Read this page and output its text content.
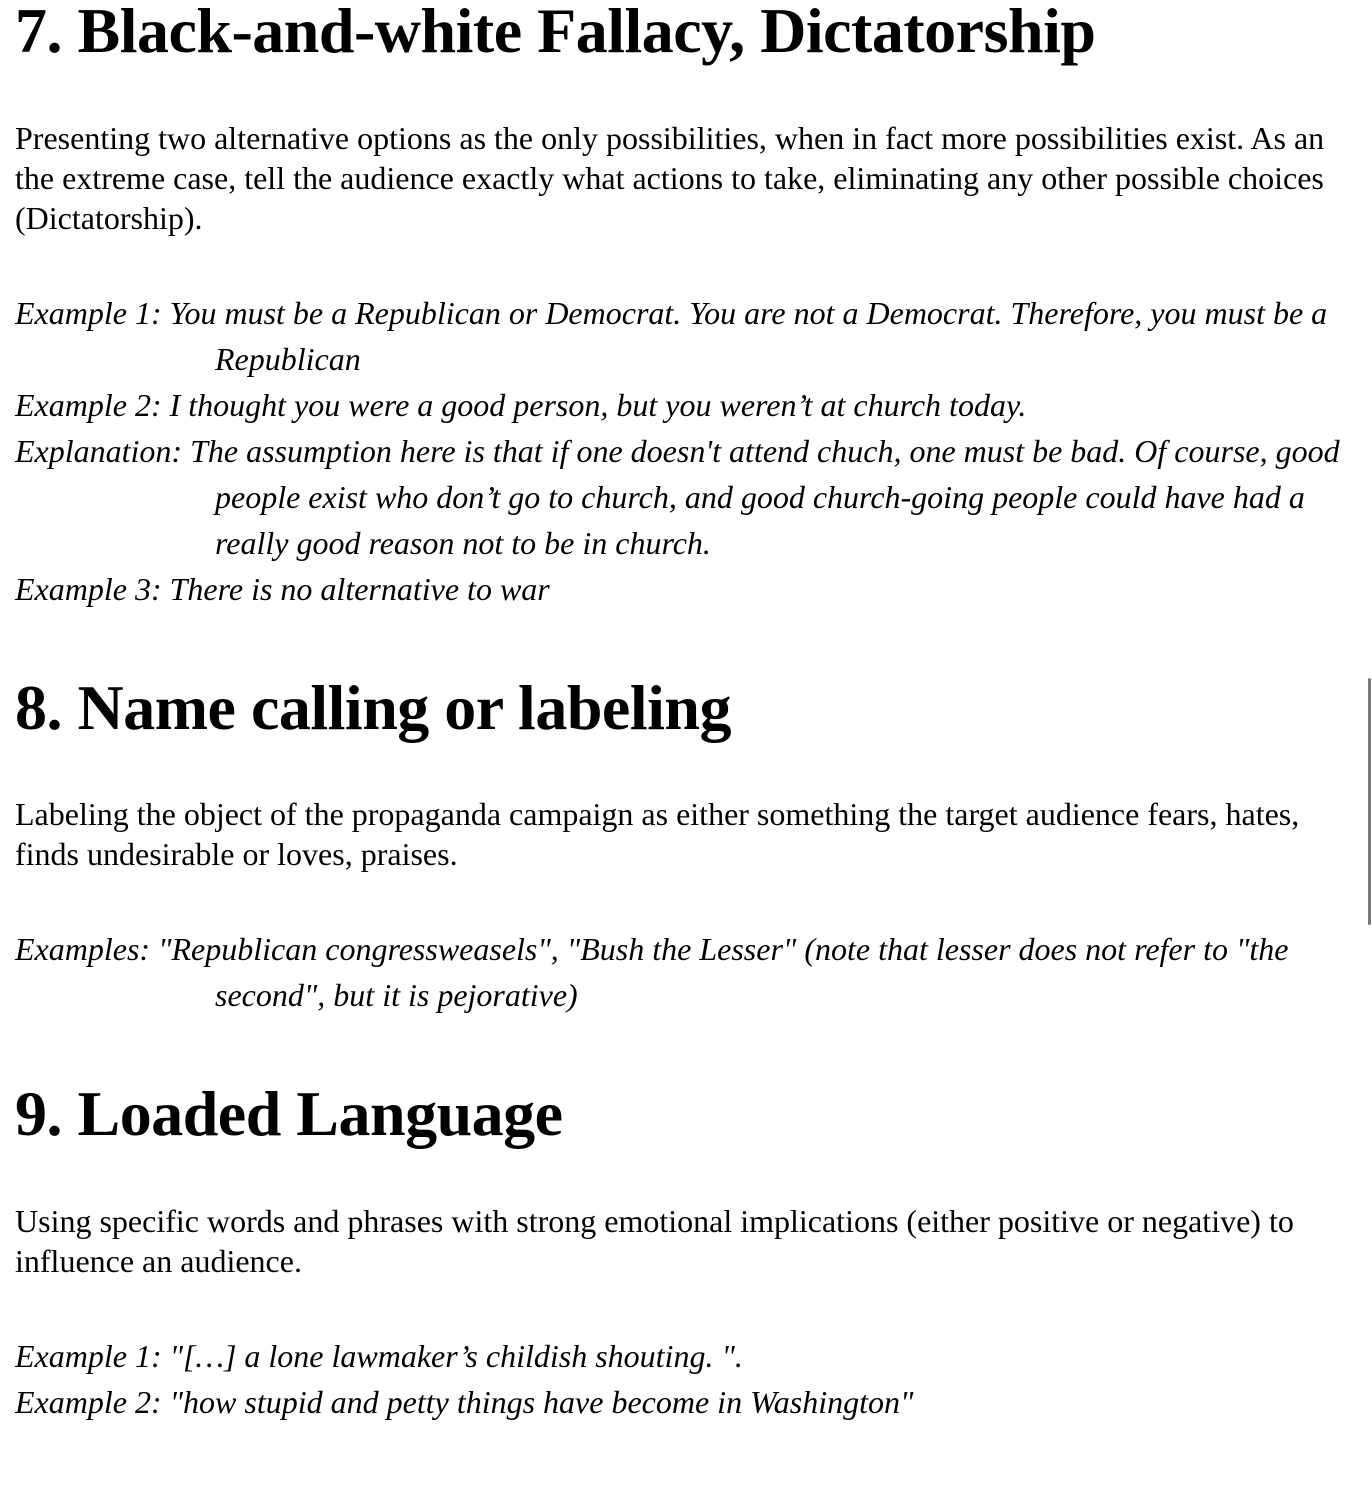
7. Black-and-white Fallacy, Dictatorship

Presenting two alternative options as the only possibilities, when in fact more possibilities exist. As an the extreme case, tell the audience exactly what actions to take, eliminating any other possible choices (Dictatorship).

Example 1: You must be a Republican or Democrat. You are not a Democrat. Therefore, you must be a Republican
Example 2: I thought you were a good person, but you weren’t at church today.
Explanation: The assumption here is that if one doesn't attend chuch, one must be bad. Of course, good people exist who don’t go to church, and good church-going people could have had a really good reason not to be in church.
Example 3: There is no alternative to war
8. Name calling or labeling

Labeling the object of the propaganda campaign as either something the target audience fears, hates, finds undesirable or loves, praises.

Examples: "Republican congressweasels", "Bush the Lesser" (note that lesser does not refer to "the second", but it is pejorative)
9. Loaded Language

Using specific words and phrases with strong emotional implications (either positive or negative) to influence an audience.

Example 1: "[…] a lone lawmaker’s childish shouting. ".
Example 2: "how stupid and petty things have become in Washington"
